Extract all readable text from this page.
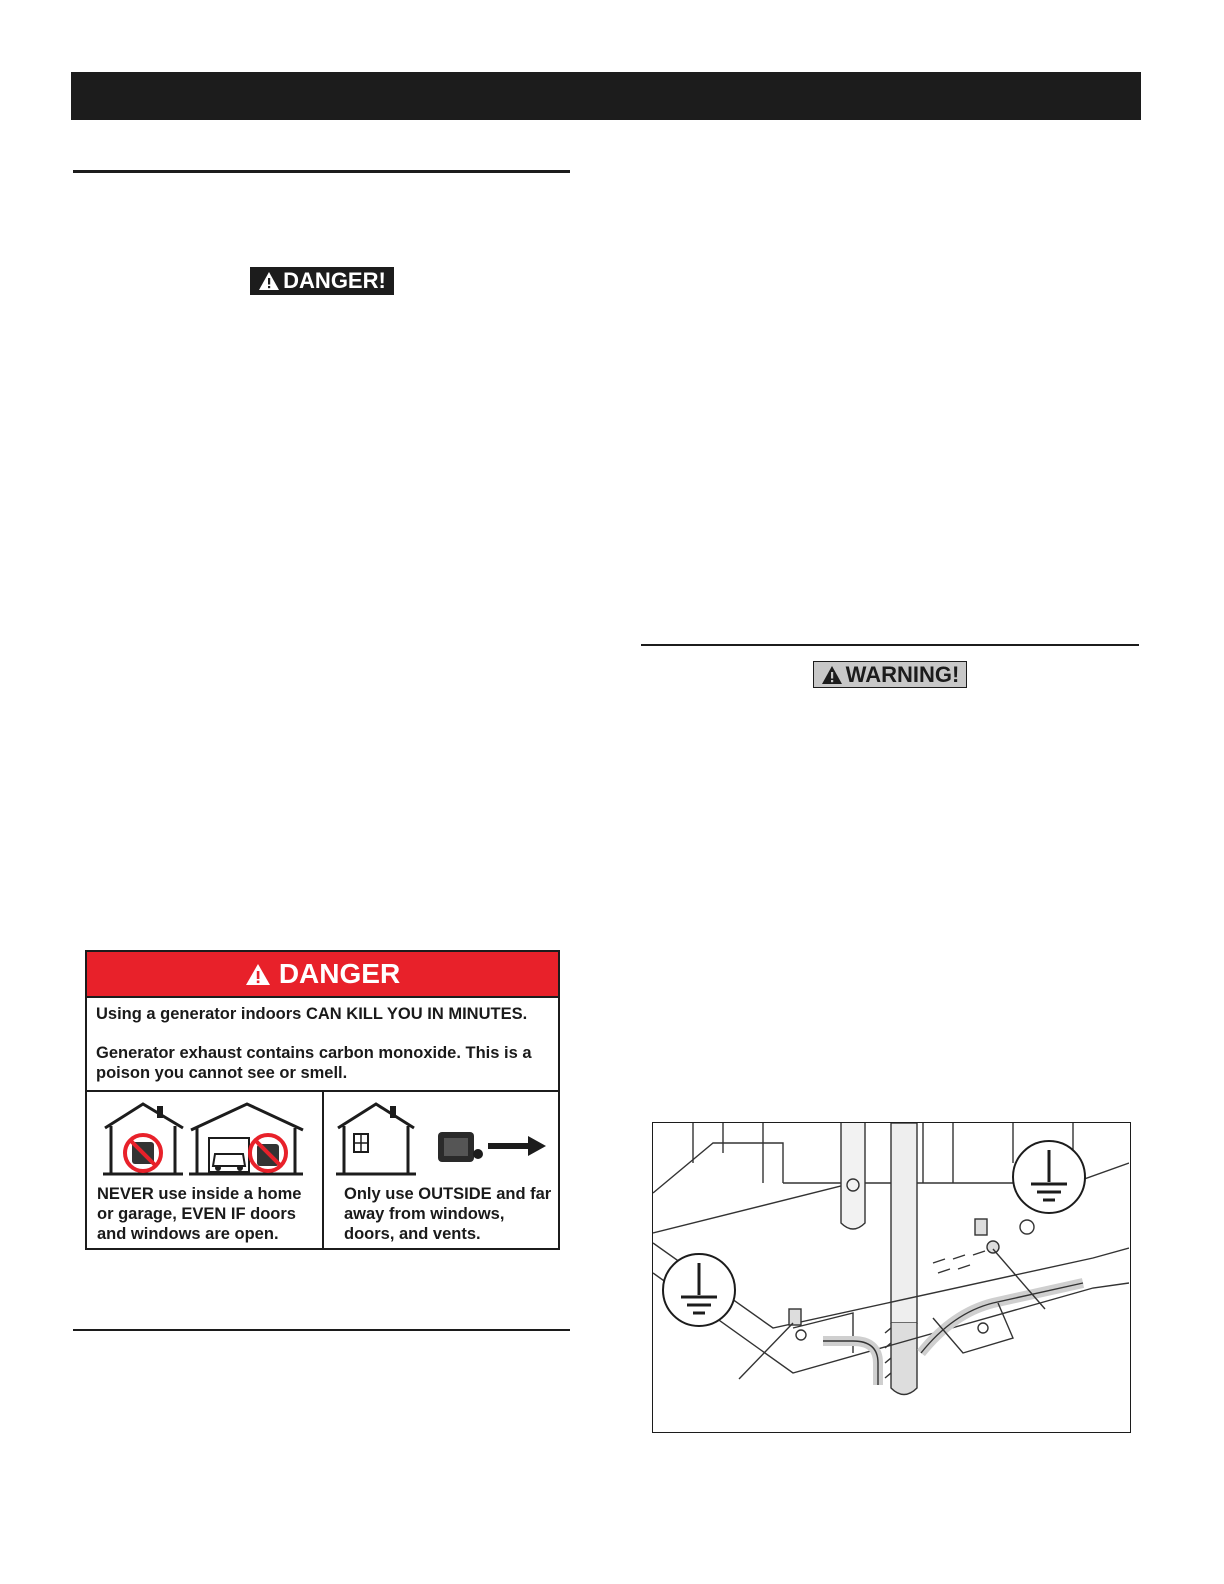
DANGER!
DANGER

Using a generator indoors CAN KILL YOU IN MINUTES.

Generator exhaust contains carbon monoxide. This is a poison you cannot see or smell.

NEVER use inside a home or garage, EVEN IF doors and windows are open.
Only use OUTSIDE and far away from windows, doors, and vents.
WARNING!
